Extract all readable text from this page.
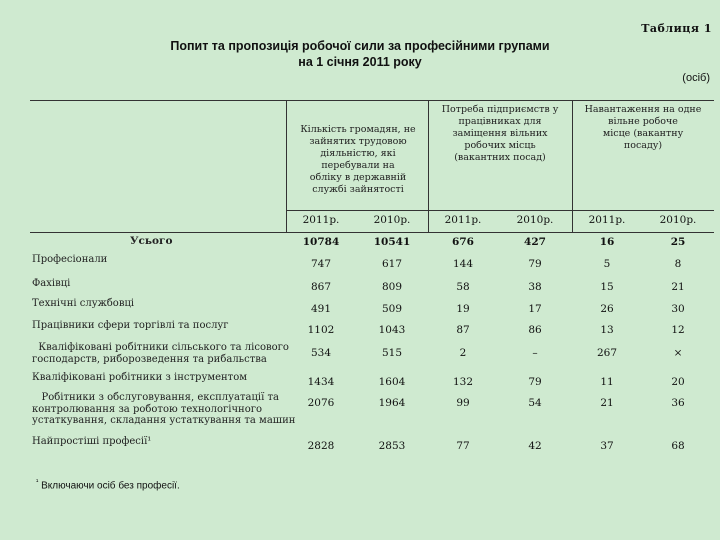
Таблиця 1
Попит та пропозиція робочої сили за професійними групами
на 1 січня 2011 року
(осіб)
Кількість громадян, не
зайнятих трудовою
діяльністю, які
перебували на
обліку в державній
службі зайнятості
Потреба підприємств у
працівниках для
заміщення вільних
робочих місць
(вакантних посад)
Навантаження на одне
вільне робоче
місце (вакантну
посаду)
2011р.	2010р.	2011р.	2010р.	2011р.	2010р.
Усього	10784	10541	676	427	16	25
Професіонали	747	617	144	79	5	8
Фахівці	867	809	58	38	15	21
Технічні службовці	491	509	19	17	26	30
Працівники сфери торгівлі та послуг	1102	1043	87	86	13	12
Кваліфіковані робітники сільського та лісового
господарств, риборозведення та рибальства	534	515	2	–	267	×
Кваліфіковані робітники з інструментом	1434	1604	132	79	11	20
Робітники з обслуговування, експлуатації та
контролювання за роботою технологічного
устаткування, складання устаткування та машин
2076	1964	99	54	21	36
Найпростіші професії¹	2828	2853	77	42	37	68
$^{^1}$ Включаючи осіб без професії.
